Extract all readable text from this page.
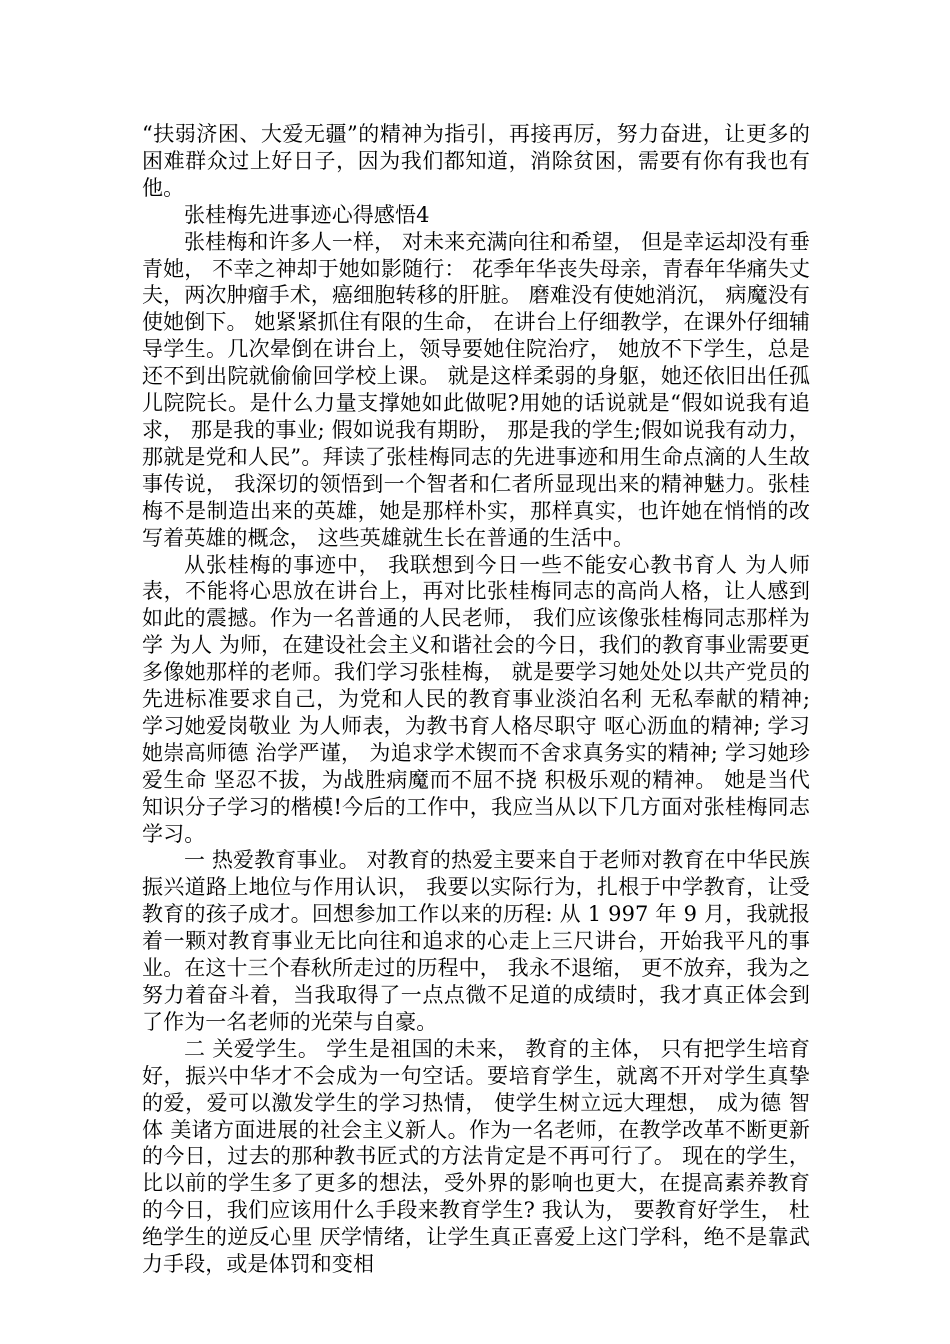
“扶弱济困、大爱无疆”的精神为指引，再接再厉，努力奋进，让更多的困难群众过上好日子，因为我们都知道，消除贫困，需要有你有我也有他。

张桂梅先进事迹心得感悟4

张桂梅和许多人一样， 对未来充满向往和希望， 但是幸运却没有垂青她， 不幸之神却于她如影随行： 花季年华丧失母亲，青春年华痛失丈夫，两次肿瘤手术，癌细胞转移的肝脏。 磨难没有使她消沉， 病魔没有使她倒下。 她紧紧抓住有限的生命， 在讲台上仔细教学，在课外仔细辅导学生。几次晕倒在讲台上，领导要她住院治疗， 她放不下学生，总是还不到出院就偷偷回学校上课。 就是这样柔弱的身躯，她还依旧出任孤儿院院长。是什么力量支撑她如此做呢?用她的话说就是“假如说我有追求， 那是我的事业; 假如说我有期盼， 那是我的学生;假如说我有动力，那就是党和人民”。拜读了张桂梅同志的先进事迹和用生命点滴的人生故事传说， 我深切的领悟到一个智者和仁者所显现出来的精神魅力。张桂梅不是制造出来的英雄，她是那样朴实，那样真实，也许她在悄悄的改写着英雄的概念， 这些英雄就生长在普通的生活中。

从张桂梅的事迹中， 我联想到今日一些不能安心教书育人 为人师表，不能将心思放在讲台上，再对比张桂梅同志的高尚人格，让人感到如此的震撼。作为一名普通的人民老师， 我们应该像张桂梅同志那样为学 为人 为师，在建设社会主义和谐社会的今日，我们的教育事业需要更多像她那样的老师。我们学习张桂梅， 就是要学习她处处以共产党员的先进标准要求自己，为党和人民的教育事业淡泊名利 无私奉献的精神;学习她爱岗敬业 为人师表，为教书育人格尽职守 呕心沥血的精神; 学习她崇高师德 治学严谨， 为追求学术锲而不舍求真务实的精神; 学习她珍爱生命 坚忍不拔，为战胜病魔而不屈不挠 积极乐观的精神。 她是当代知识分子学习的楷模!今后的工作中，我应当从以下几方面对张桂梅同志学习。

一 热爱教育事业。 对教育的热爱主要来自于老师对教育在中华民族振兴道路上地位与作用认识， 我要以实际行为，扎根于中学教育，让受教育的孩子成才。回想参加工作以来的历程: 从 1 997 年 9 月，我就报着一颗对教育事业无比向往和追求的心走上三尺讲台，开始我平凡的事业。在这十三个春秋所走过的历程中， 我永不退缩， 更不放弃，我为之努力着奋斗着，当我取得了一点点微不足道的成绩时，我才真正体会到了作为一名老师的光荣与自豪。

二 关爱学生。 学生是祖国的未来， 教育的主体， 只有把学生培育好，振兴中华才不会成为一句空话。要培育学生，就离不开对学生真挚的爱，爱可以激发学生的学习热情， 使学生树立远大理想， 成为德 智 体 美诸方面进展的社会主义新人。作为一名老师，在教学改革不断更新的今日，过去的那种教书匠式的方法肯定是不再可行了。 现在的学生， 比以前的学生多了更多的想法，受外界的影响也更大，在提高素养教育的今日，我们应该用什么手段来教育学生? 我认为， 要教育好学生， 杜绝学生的逆反心里 厌学情绪，让学生真正喜爱上这门学科，绝不是靠武力手段，或是体罚和变相
